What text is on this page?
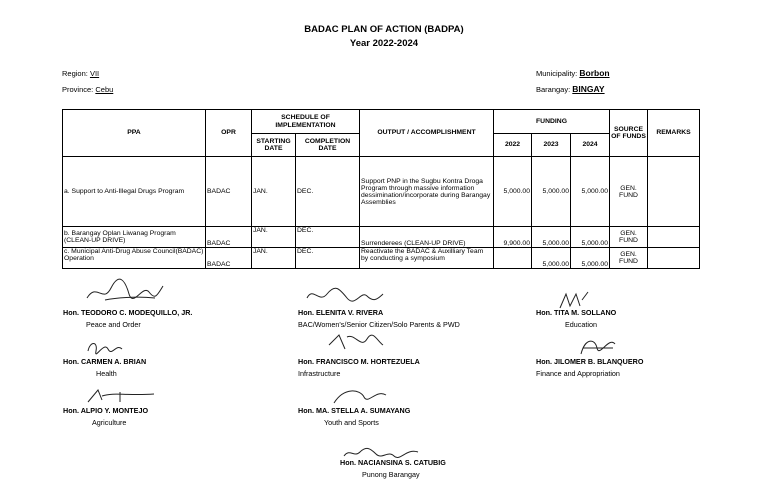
BADAC PLAN OF ACTION (BADPA)
Year 2022-2024
Region: VII
Province: Cebu
Municipality: Borbon
Barangay: BINGAY
PPA	OPR	SCHEDULE OF IMPLEMENTATION		OUTPUT / ACCOMPLISHMENT	FUNDING			SOURCE OF FUNDS	REMARKS
		STARTING DATE	COMPLETION DATE		2022	2023	2024		
a. Support to Anti-Illegal Drugs Program	BADAC	JAN.	DEC.	Support PNP in the Sugbu Kontra Droga Program through massive information dessimination/incorporate during Barangay Assemblies	5,000.00	5,000.00	5,000.00	GEN. FUND	
b. Barangay Oplan Liwanag Program (CLEAN-UP DRIVE)	BADAC	JAN.	DEC.	Surrenderees (CLEAN-UP DRIVE)	9,900.00	5,000.00	5,000.00	GEN. FUND	
c. Municipal Anti-Drug Abuse Council(BADAC) Operation	BADAC	JAN.	DEC.	Reactivate the BADAC & Auxilliary Team by conducting a symposium		5,000.00	5,000.00	GEN. FUND	
Hon. TEODORO C. MODEQUILLO, JR.
Peace and Order
Hon. ELENITA V. RIVERA
BAC/Women's/Senior Citizen/Solo Parents & PWD
Hon. TITA M. SOLLANO
Education
Hon. CARMEN A. BRIAN
Health
Hon. FRANCISCO M. HORTEZUELA
Infrastructure
Hon. JILOMER B. BLANQUERO
Finance and Appropriation
Hon. ALPIO Y. MONTEJO
Agriculture
Hon. MA. STELLA A. SUMAYANG
Youth and Sports
Hon. NACIANSINA S. CATUBIG
Punong Barangay
